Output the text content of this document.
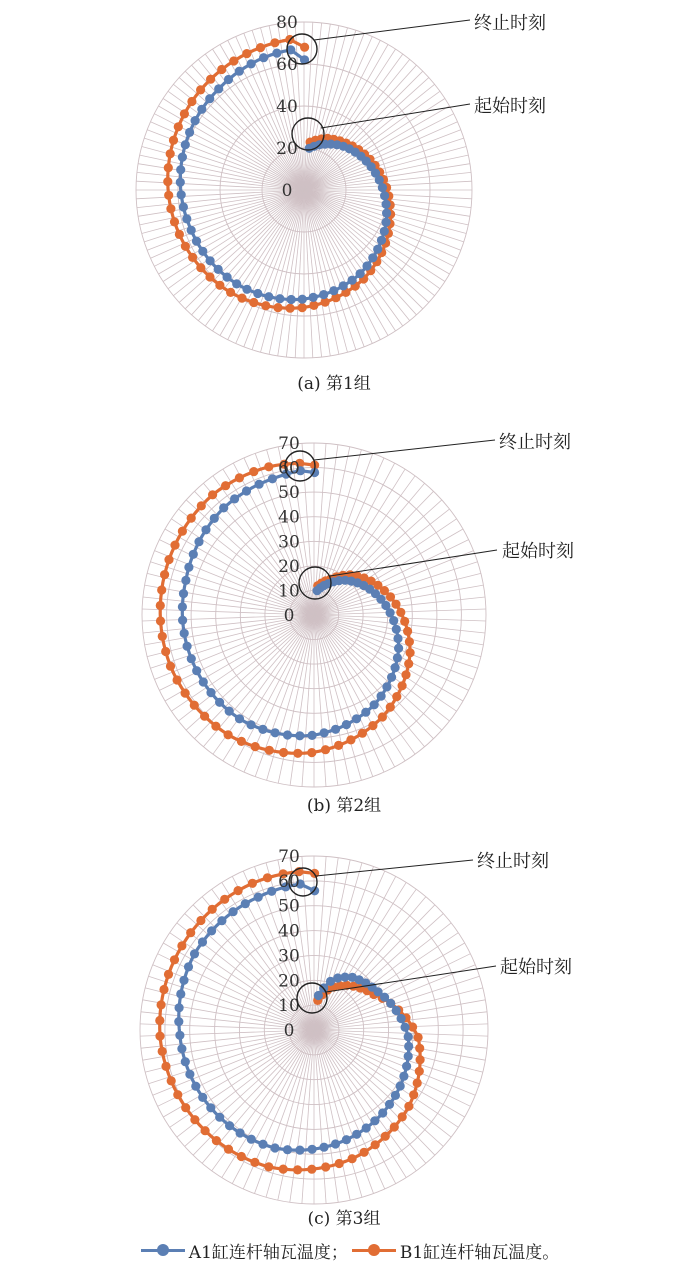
0
20
40
60
80	终止时刻
起始时刻
(a) 第1组
0
10
20
30
40
50
60
70	终止时刻
起始时刻
(b) 第2组
0
10
20
30
40
50
60
70	终止时刻
起始时刻
(c) 第3组
A1缸连杆轴瓦温度；	B1缸连杆轴瓦温度。
